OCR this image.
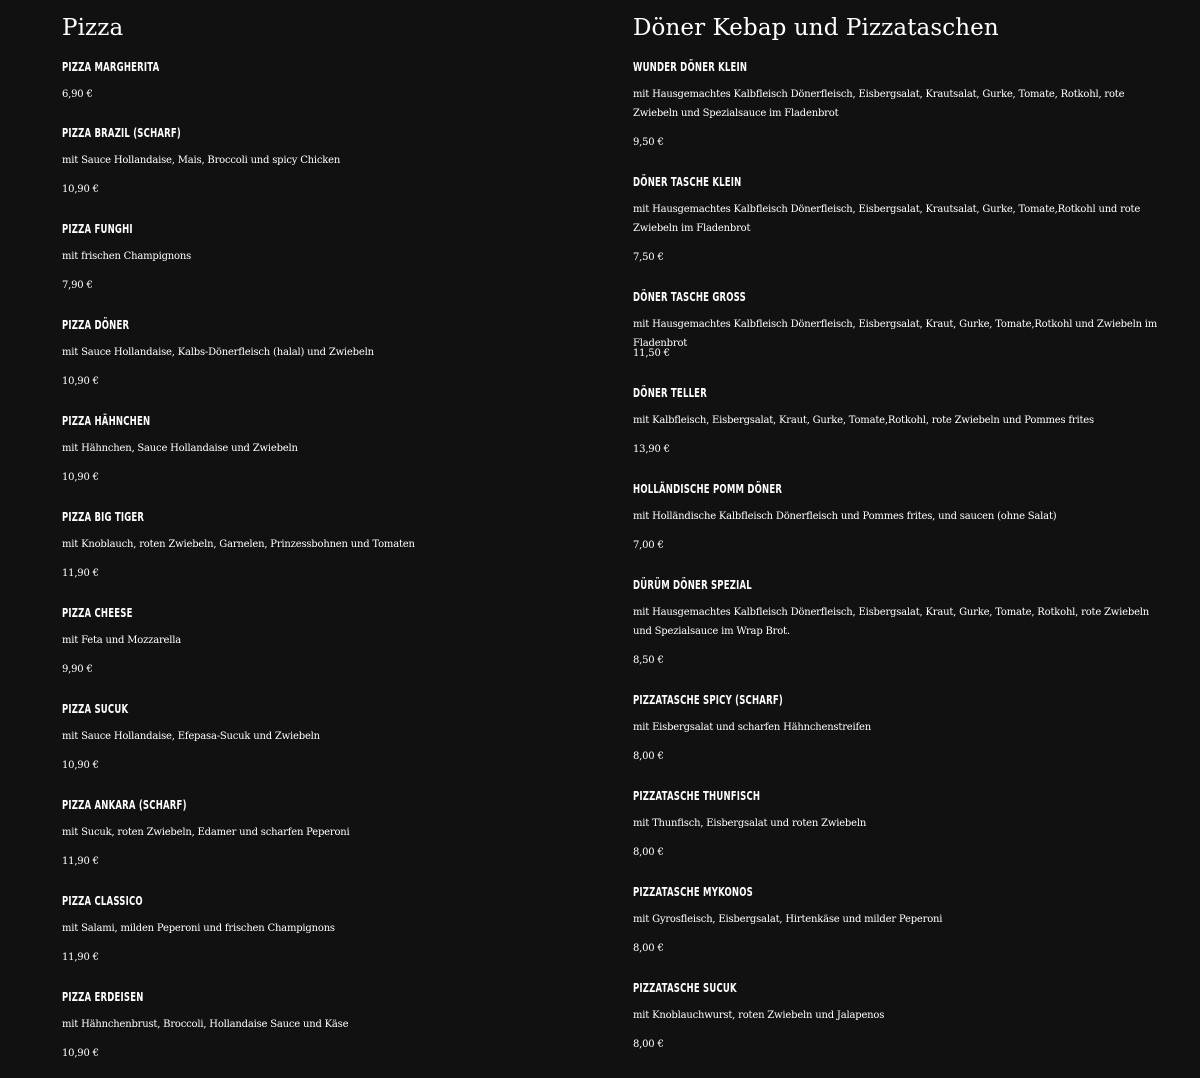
Pizza
PIZZA MARGHERITA
6,90 €
PIZZA BRAZIL (SCHARF)
mit Sauce Hollandaise, Mais, Broccoli und spicy Chicken
10,90 €
PIZZA FUNGHI
mit frischen Champignons
7,90 €
PIZZA DÖNER
mit Sauce Hollandaise, Kalbs-Dönerfleisch (halal) und Zwiebeln
10,90 €
PIZZA HÄHNCHEN
mit Hähnchen, Sauce Hollandaise und Zwiebeln
10,90 €
PIZZA BIG TIGER
mit Knoblauch, roten Zwiebeln, Garnelen, Prinzessbohnen und Tomaten
11,90 €
PIZZA CHEESE
mit Feta und Mozzarella
9,90 €
PIZZA SUCUK
mit Sauce Hollandaise, Efepasa-Sucuk und Zwiebeln
10,90 €
PIZZA ANKARA (SCHARF)
mit Sucuk, roten Zwiebeln, Edamer und scharfen Peperoni
11,90 €
PIZZA CLASSICO
mit Salami, milden Peperoni und frischen Champignons
11,90 €
PIZZA ERDEISEN
mit Hähnchenbrust, Broccoli, Hollandaise Sauce und Käse
10,90 €
Döner Kebap und Pizzataschen
WUNDER DÖNER KLEIN
mit Hausgemachtes Kalbfleisch Dönerfleisch, Eisbergsalat, Krautsalat, Gurke, Tomate, Rotkohl, rote Zwiebeln und Spezialsauce im Fladenbrot
9,50 €
DÖNER TASCHE KLEIN
mit Hausgemachtes Kalbfleisch Dönerfleisch, Eisbergsalat, Krautsalat, Gurke, Tomate,Rotkohl und rote Zwiebeln im Fladenbrot
7,50 €
DÖNER TASCHE GROSS
mit Hausgemachtes Kalbfleisch Dönerfleisch, Eisbergsalat, Kraut, Gurke, Tomate,Rotkohl und Zwiebeln im Fladenbrot
11,50 €
DÖNER TELLER
mit Kalbfleisch, Eisbergsalat, Kraut, Gurke, Tomate,Rotkohl, rote Zwiebeln und Pommes frites
13,90 €
HOLLÄNDISCHE POMM DÖNER
mit Holländische Kalbfleisch Dönerfleisch und Pommes frites, und saucen (ohne Salat)
7,00 €
DÜRÜM DÖNER SPEZIAL
mit Hausgemachtes Kalbfleisch Dönerfleisch, Eisbergsalat, Kraut, Gurke, Tomate, Rotkohl, rote Zwiebeln und Spezialsauce im Wrap Brot.
8,50 €
PIZZATASCHE SPICY (SCHARF)
mit Eisbergsalat und scharfen Hähnchenstreifen
8,00 €
PIZZATASCHE THUNFISCH
mit Thunfisch, Eisbergsalat und roten Zwiebeln
8,00 €
PIZZATASCHE MYKONOS
mit Gyrosfleisch, Eisbergsalat, Hirtenkäse und milder Peperoni
8,00 €
PIZZATASCHE SUCUK
mit Knoblauchwurst, roten Zwiebeln und Jalapenos
8,00 €
